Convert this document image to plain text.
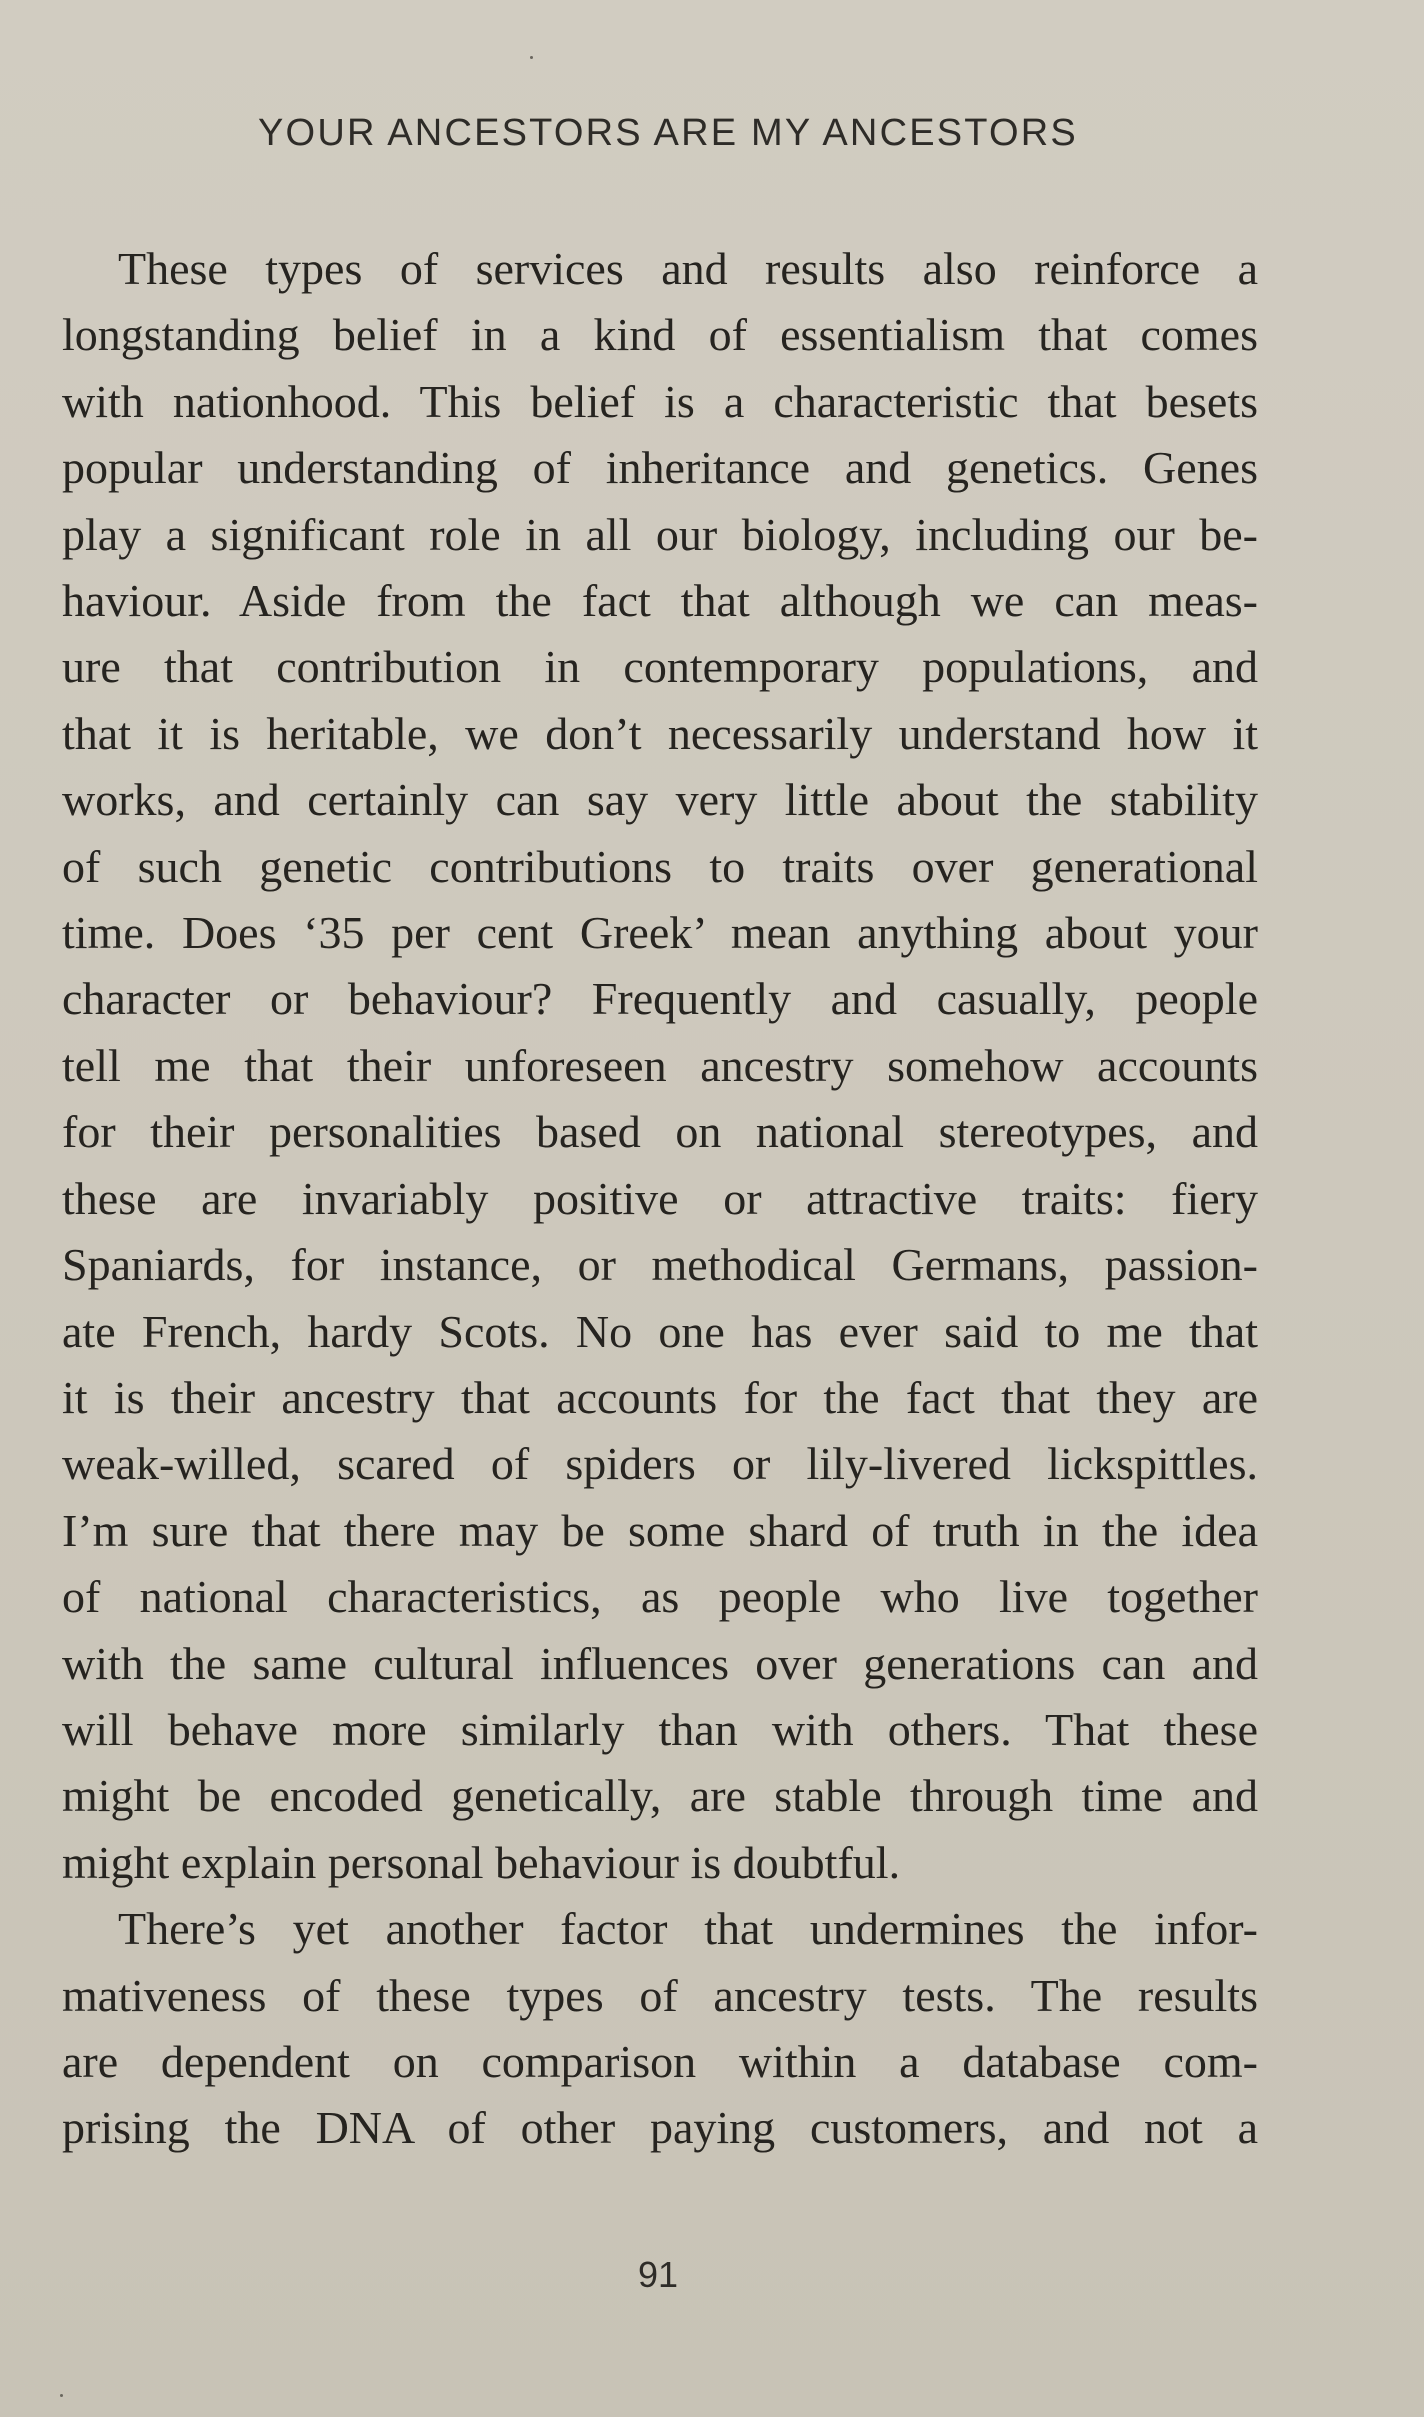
YOUR ANCESTORS ARE MY ANCESTORS
These types of services and results also reinforce a
longstanding belief in a kind of essentialism that comes
with nationhood. This belief is a characteristic that besets
popular understanding of inheritance and genetics. Genes
play a significant role in all our biology, including our be-
haviour. Aside from the fact that although we can meas-
ure that contribution in contemporary populations, and
that it is heritable, we don’t necessarily understand how it
works, and certainly can say very little about the stability
of such genetic contributions to traits over generational
time. Does ‘35 per cent Greek’ mean anything about your
character or behaviour? Frequently and casually, people
tell me that their unforeseen ancestry somehow accounts
for their personalities based on national stereotypes, and
these are invariably positive or attractive traits: fiery
Spaniards, for instance, or methodical Germans, passion-
ate French, hardy Scots. No one has ever said to me that
it is their ancestry that accounts for the fact that they are
weak-willed, scared of spiders or lily-livered lickspittles.
I’m sure that there may be some shard of truth in the idea
of national characteristics, as people who live together
with the same cultural influences over generations can and
will behave more similarly than with others. That these
might be encoded genetically, are stable through time and
might explain personal behaviour is doubtful.
There’s yet another factor that undermines the infor-
mativeness of these types of ancestry tests. The results
are dependent on comparison within a database com-
prising the DNA of other paying customers, and not a
91
